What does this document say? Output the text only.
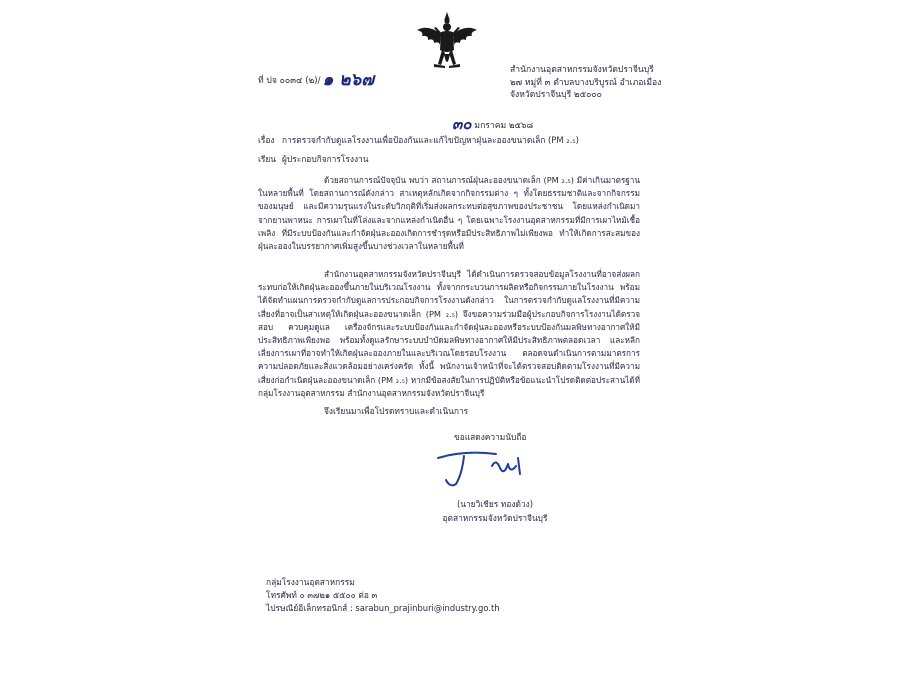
ที่ ปจ ๐๐๓๔ (๒)/ ๑ ๒๖๗	สำนักงานอุตสาหกรรมจังหวัดปราจีนบุรี
๒๗ หมู่ที่ ๓ ตำบลบางบริบูรณ์ อำเภอเมือง
จังหวัดปราจีนบุรี ๒๕๐๐๐
๓๐ มกราคม ๒๕๖๘
เรื่อง การตรวจกำกับดูแลโรงงานเพื่อป้องกันและแก้ไขปัญหาฝุ่นละอองขนาดเล็ก (PM ₂.₅)
เรียน ผู้ประกอบกิจการโรงงาน

ด้วยสถานการณ์ปัจจุบัน พบว่า สถานการณ์ฝุ่นละอองขนาดเล็ก (PM ₂.₅) มีค่าเกินมาตรฐานในหลายพื้นที่ โดยสถานการณ์ดังกล่าว สาเหตุหลักเกิดจากกิจกรรมต่าง ๆ ทั้งโดยธรรมชาติและจากกิจกรรมของมนุษย์ และมีความรุนแรงในระดับวิกฤติที่เริ่มส่งผลกระทบต่อสุขภาพของประชาชน โดยแหล่งกำเนิดมาจากยานพาหนะ การเผาในที่โล่งและจากแหล่งกำเนิดอื่น ๆ โดยเฉพาะโรงงานอุตสาหกรรมที่มีการเผาไหม้เชื้อเพลิง ที่มีระบบป้องกันและกำจัดฝุ่นละอองเกิดการชำรุดหรือมีประสิทธิภาพไม่เพียงพอ ทำให้เกิดการสะสมของฝุ่นละอองในบรรยากาศเพิ่มสูงขึ้นบางช่วงเวลาในหลายพื้นที่

สำนักงานอุตสาหกรรมจังหวัดปราจีนบุรี ได้ดำเนินการตรวจสอบข้อมูลโรงงานที่อาจส่งผลกระทบก่อให้เกิดฝุ่นละอองขึ้นภายในบริเวณโรงงาน ทั้งจากกระบวนการผลิตหรือกิจกรรมภายในโรงงาน พร้อมได้จัดทำแผนการตรวจกำกับดูแลการประกอบกิจการโรงงานดังกล่าว ในการตรวจกำกับดูแลโรงงานที่มีความเสี่ยงที่อาจเป็นสาเหตุให้เกิดฝุ่นละอองขนาดเล็ก (PM ₂.₅) จึงขอความร่วมมือผู้ประกอบกิจการโรงงานได้ตรวจสอบ ควบคุมดูแล เครื่องจักรและระบบป้องกันและกำจัดฝุ่นละอองหรือระบบป้องกันมลพิษทางอากาศให้มีประสิทธิภาพเพียงพอ พร้อมทั้งดูแลรักษาระบบบำบัดมลพิษทางอากาศให้มีประสิทธิภาพตลอดเวลา และหลีกเลี่ยงการเผาที่อาจทำให้เกิดฝุ่นละอองภายในและบริเวณโดยรอบโรงงาน ตลอดจนดำเนินการตามมาตรการความปลอดภัยและสิ่งแวดล้อมอย่างเคร่งครัด ทั้งนี้ พนักงานเจ้าหน้าที่จะได้ตรวจสอบติดตามโรงงานที่มีความเสี่ยงก่อกำเนิดฝุ่นละอองขนาดเล็ก (PM ₂.₅) หากมีข้อสงสัยในการปฏิบัติหรือข้อแนะนำโปรดติดต่อประสานได้ที่ กลุ่มโรงงานอุตสาหกรรม สำนักงานอุตสาหกรรมจังหวัดปราจีนบุรี

จึงเรียนมาเพื่อโปรดทราบและดำเนินการ
ขอแสดงความนับถือ
(นายวิเชียร ทองด้วง)
อุตสาหกรรมจังหวัดปราจีนบุรี
กลุ่มโรงงานอุตสาหกรรม
โทรศัพท์ ๐ ๓๗๒๑ ๕๕๐๐ ต่อ ๓
ไปรษณีย์อิเล็กทรอนิกส์ : sarabun_prajinburi@industry.go.th
